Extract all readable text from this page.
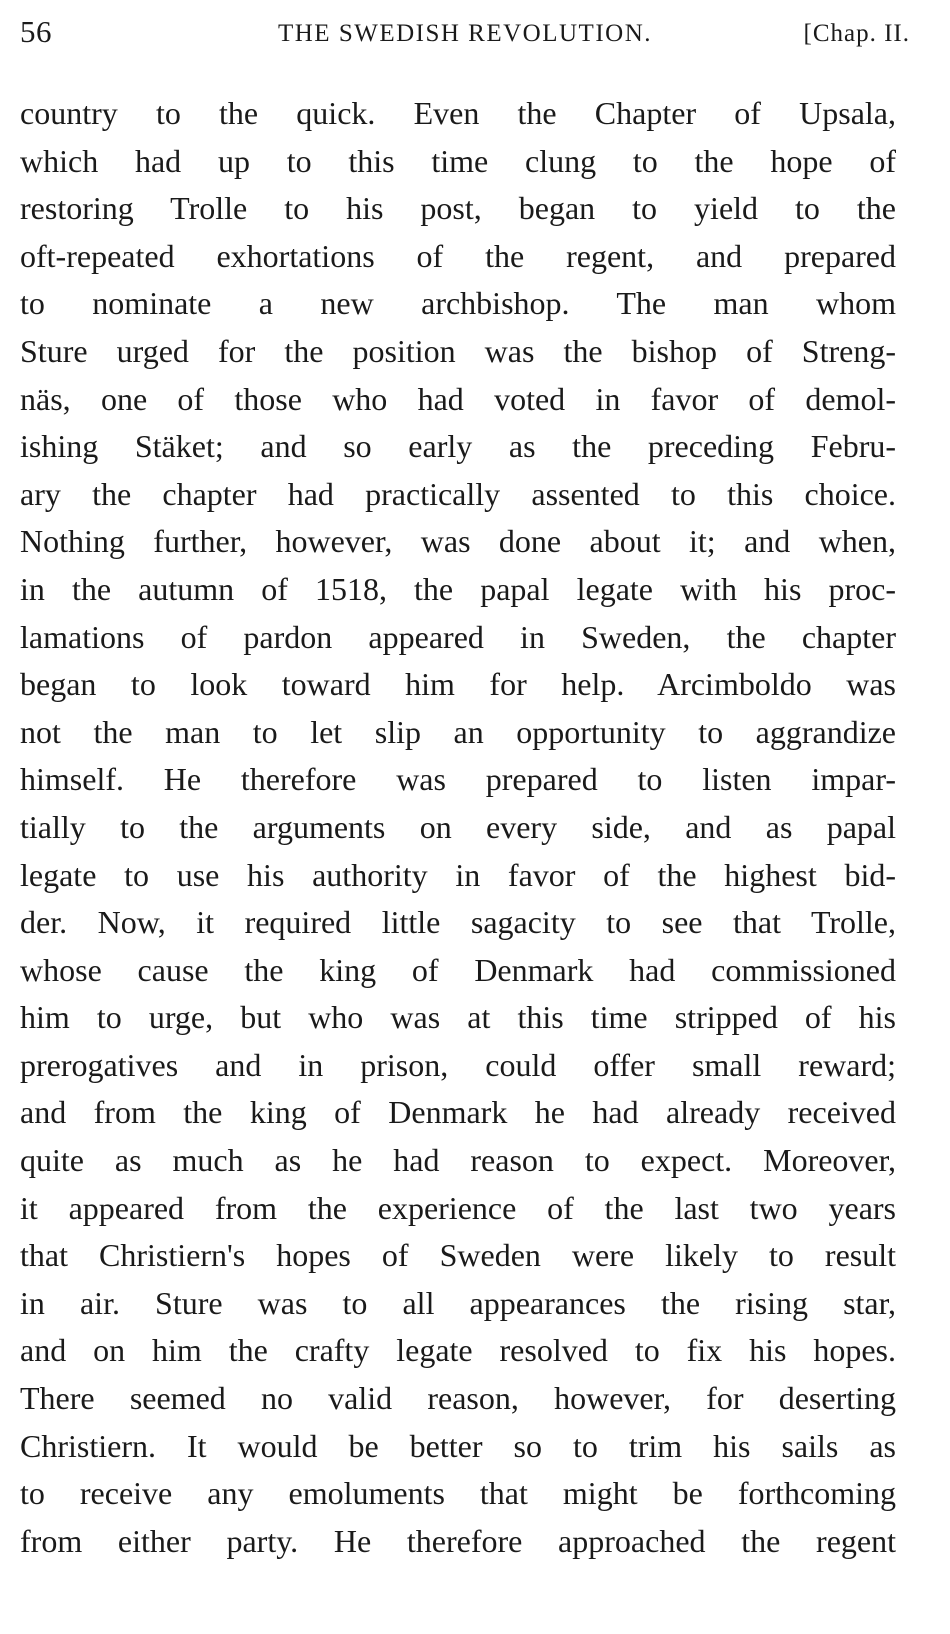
56	THE SWEDISH REVOLUTION.	[Chap. II.
country to the quick. Even the Chapter of Upsala,
which had up to this time clung to the hope of
restoring Trolle to his post, began to yield to the
oft-repeated exhortations of the regent, and prepared
to nominate a new archbishop. The man whom
Sture urged for the position was the bishop of Streng-
näs, one of those who had voted in favor of demol-
ishing Stäket; and so early as the preceding Febru-
ary the chapter had practically assented to this choice.
Nothing further, however, was done about it; and when,
in the autumn of 1518, the papal legate with his proc-
lamations of pardon appeared in Sweden, the chapter
began to look toward him for help. Arcimboldo was
not the man to let slip an opportunity to aggrandize
himself. He therefore was prepared to listen impar-
tially to the arguments on every side, and as papal
legate to use his authority in favor of the highest bid-
der. Now, it required little sagacity to see that Trolle,
whose cause the king of Denmark had commissioned
him to urge, but who was at this time stripped of his
prerogatives and in prison, could offer small reward;
and from the king of Denmark he had already received
quite as much as he had reason to expect. Moreover,
it appeared from the experience of the last two years
that Christiern's hopes of Sweden were likely to result
in air. Sture was to all appearances the rising star,
and on him the crafty legate resolved to fix his hopes.
There seemed no valid reason, however, for deserting
Christiern. It would be better so to trim his sails as
to receive any emoluments that might be forthcoming
from either party. He therefore approached the regent
